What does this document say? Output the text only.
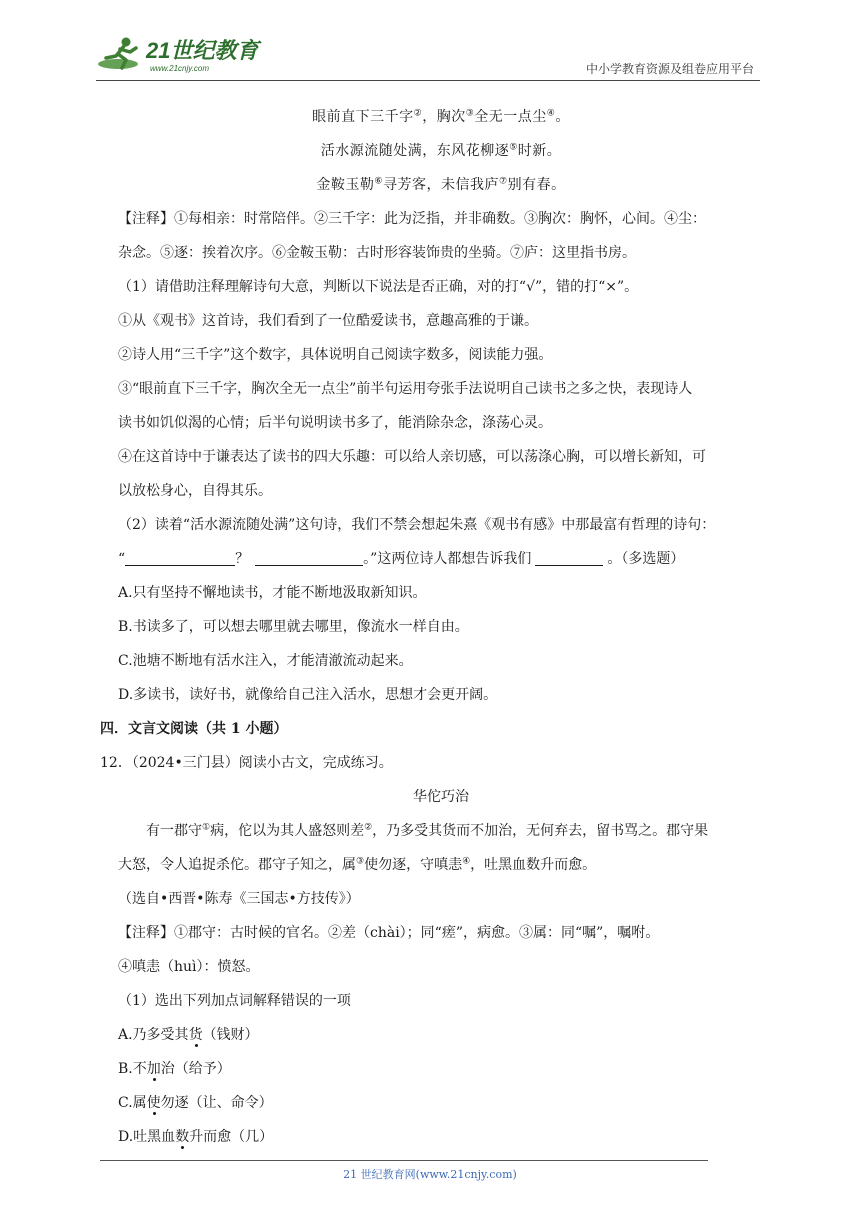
21世纪教育
www.21cnjy.com	中小学教育资源及组卷应用平台
眼前直下三千字②，胸次③全无一点尘④。
活水源流随处满，东风花柳逐⑤时新。
金鞍玉勒⑥寻芳客，未信我庐⑦别有春。
【注释】①每相亲：时常陪伴。②三千字：此为泛指，并非确数。③胸次：胸怀，心间。④尘：
杂念。⑤逐：挨着次序。⑥金鞍玉勒：古时形容装饰贵的坐骑。⑦庐：这里指书房。
（1）请借助注释理解诗句大意，判断以下说法是否正确，对的打“√”，错的打“×”。
①从《观书》这首诗，我们看到了一位酷爱读书，意趣高雅的于谦。
②诗人用“三千字”这个数字，具体说明自己阅读字数多，阅读能力强。
③“眼前直下三千字，胸次全无一点尘”前半句运用夸张手法说明自己读书之多之快，表现诗人
读书如饥似渴的心情；后半句说明读书多了，能消除杂念，涤荡心灵。
④在这首诗中于谦表达了读书的四大乐趣：可以给人亲切感，可以荡涤心胸，可以增长新知，可
以放松身心，自得其乐。
（2）读着“活水源流随处满”这句诗，我们不禁会想起朱熹《观书有感》中那最富有哲理的诗句：
“	？	。”这两位诗人都想告诉我们	。（多选题）
A.只有坚持不懈地读书，才能不断地汲取新知识。
B.书读多了，可以想去哪里就去哪里，像流水一样自由。
C.池塘不断地有活水注入，才能清澈流动起来。
D.多读书，读好书，就像给自己注入活水，思想才会更开阔。
四．文言文阅读（共 1 小题）
12．（2024•三门县）阅读小古文，完成练习。
华佗巧治
有一郡守①病，佗以为其人盛怒则差②，乃多受其货而不加治，无何弃去，留书骂之。郡守果
大怒，令人追捉杀佗。郡守子知之，属③使勿逐，守嗔恚④，吐黑血数升而愈。
（选自•西晋•陈寿《三国志•方技传》）
【注释】①郡守：古时候的官名。②差（chài）；同“瘥”，病愈。③属：同“嘱”，嘱咐。
④嗔恚（huì）：愤怒。
（1）选出下列加点词解释错误的一项
A.乃多受其货（钱财）
B.不加治（给予）
C.属使勿逐（让、命令）
D.吐黑血数升而愈（几）
21 世纪教育网(www.21cnjy.com)
